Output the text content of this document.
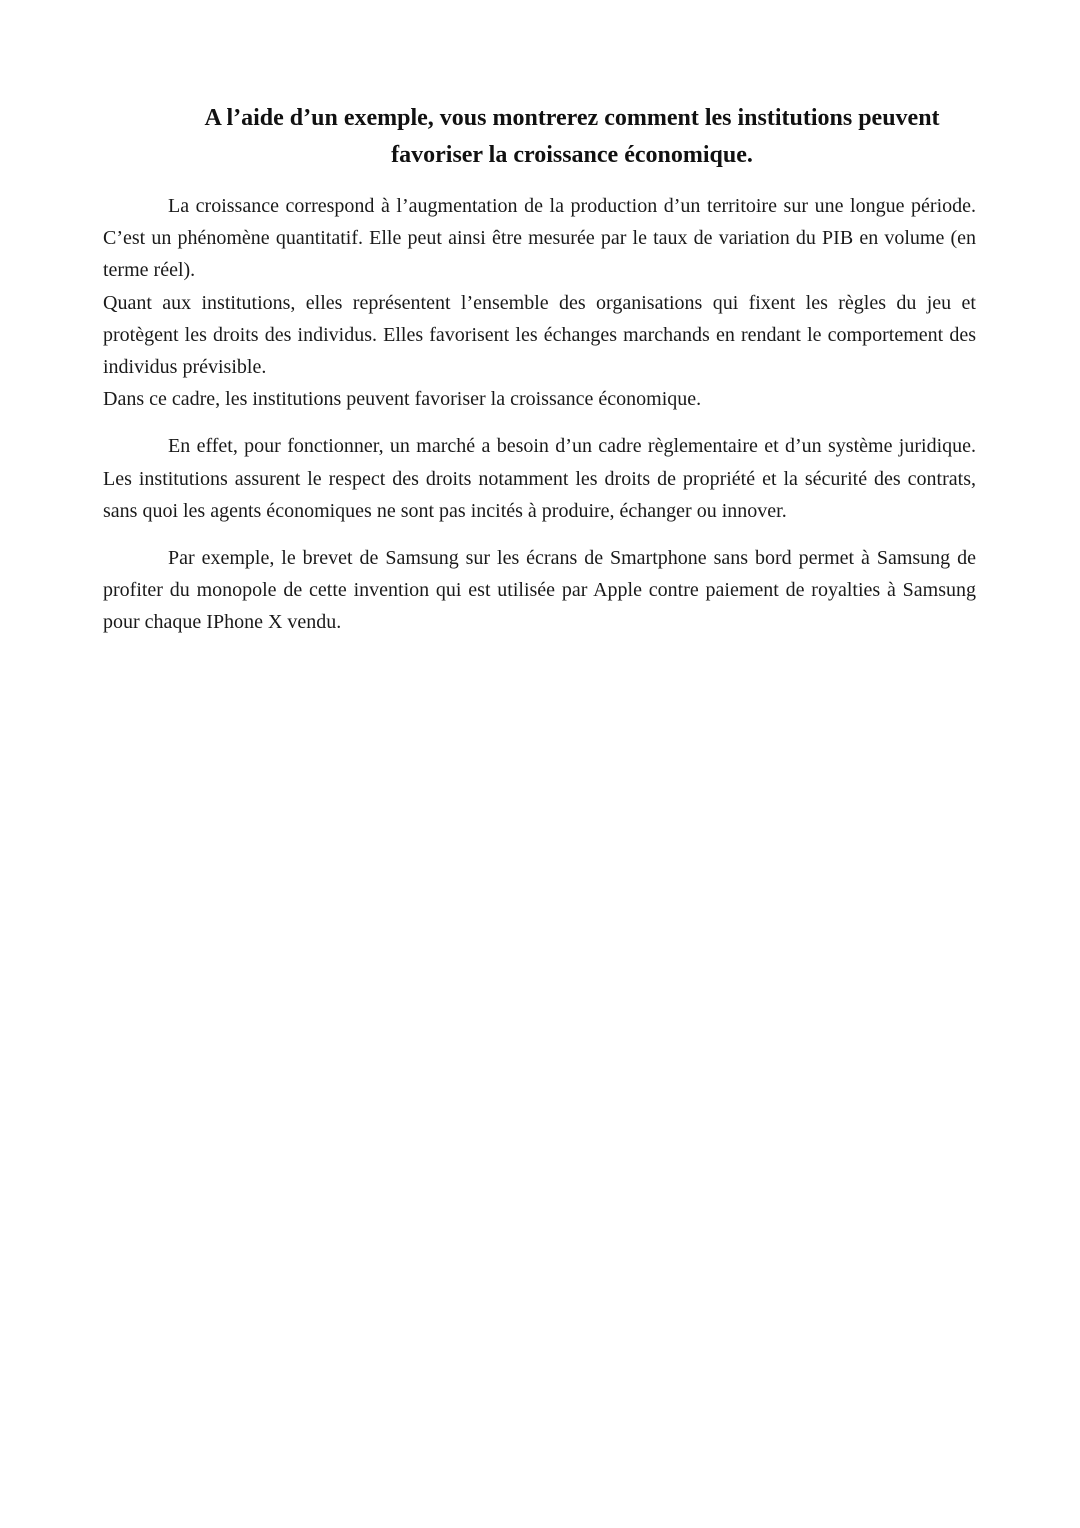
A l’aide d’un exemple, vous montrerez comment les institutions peuvent
favoriser la croissance économique.

La croissance correspond à l’augmentation de la production d’un territoire sur une longue période. C’est un phénomène quantitatif. Elle peut ainsi être mesurée par le taux de variation du PIB en volume (en terme réel).

Quant aux institutions, elles représentent l’ensemble des organisations qui fixent les règles du jeu et protègent les droits des individus. Elles favorisent les échanges marchands en rendant le comportement des individus prévisible.

Dans ce cadre, les institutions peuvent favoriser la croissance économique.

En effet, pour fonctionner, un marché a besoin d’un cadre règlementaire et d’un système juridique. Les institutions assurent le respect des droits notamment les droits de propriété et la sécurité des contrats, sans quoi les agents économiques ne sont pas incités à produire, échanger ou innover.

Par exemple, le brevet de Samsung sur les écrans de Smartphone sans bord permet à Samsung de profiter du monopole de cette invention qui est utilisée par Apple contre paiement de royalties à Samsung pour chaque IPhone X vendu.
